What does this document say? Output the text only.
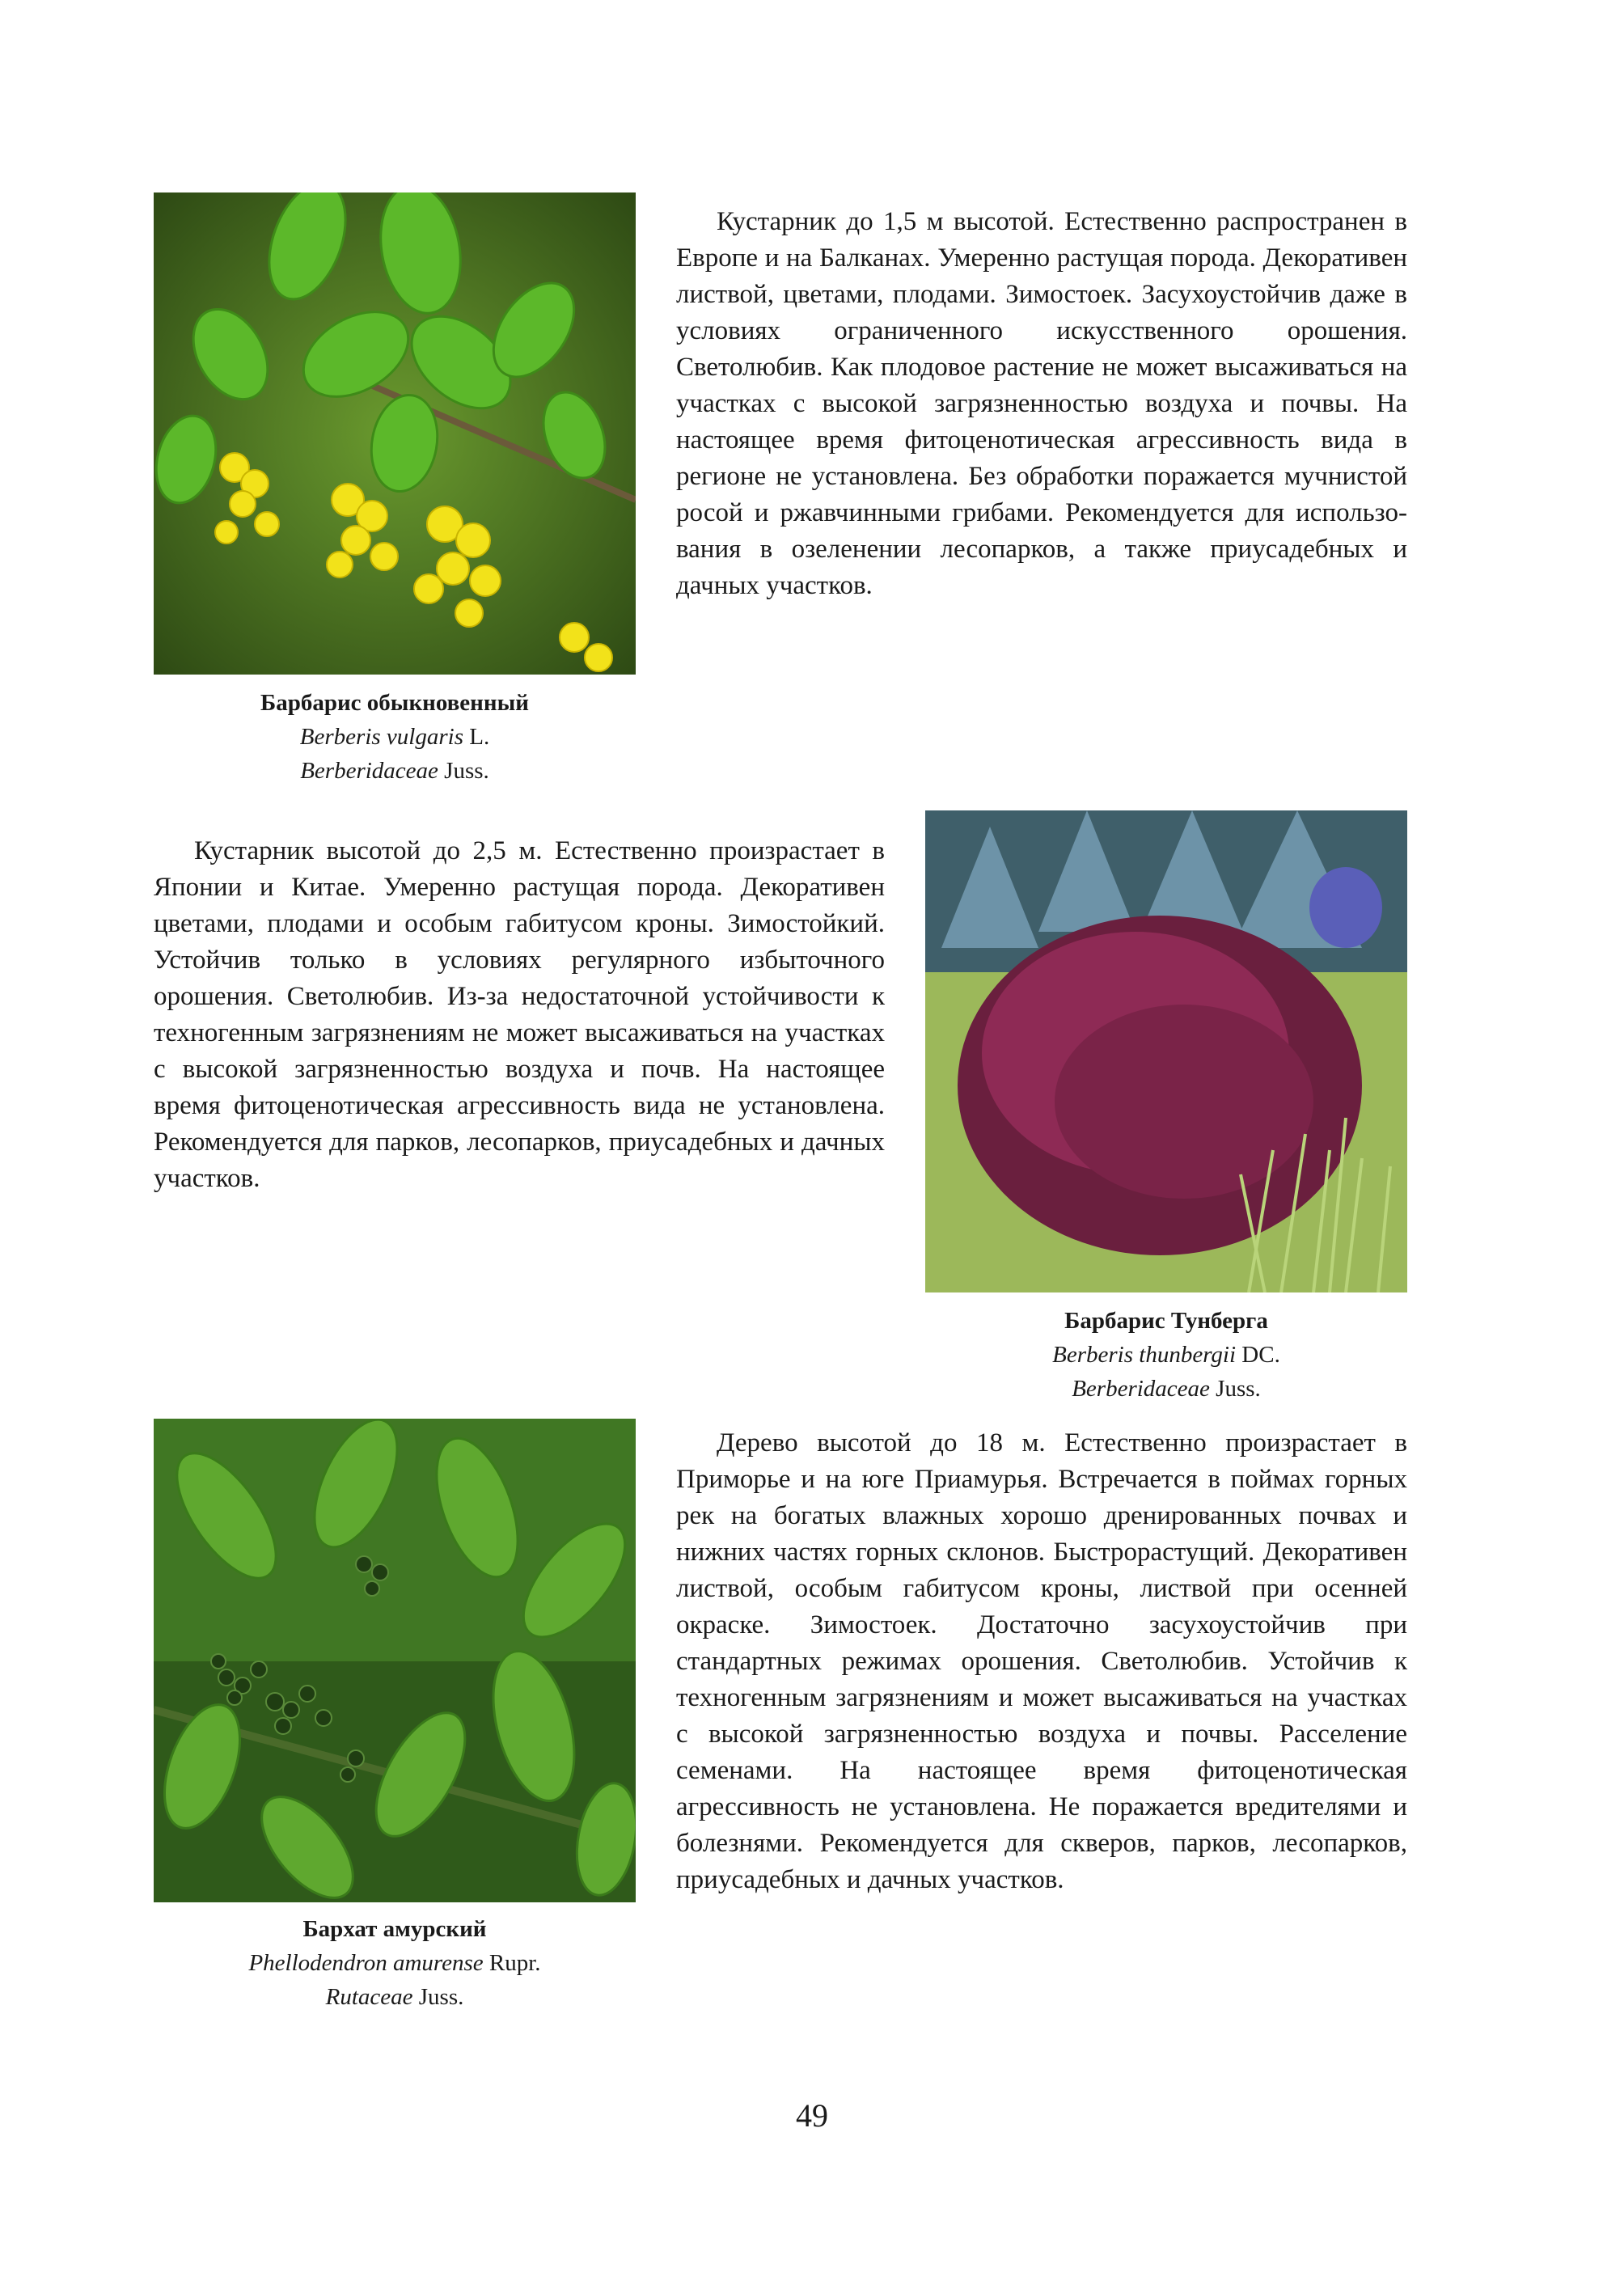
Барбарис обыкновенный
Berberis vulgaris L.
Berberidaceae Juss.

Кустарник до 1,5 м высотой. Естественно распространен в Европе и на Балканах. Умеренно растущая порода. Декоративен листвой, цветами, плодами. Зимостоек. Засухоустойчив даже в условиях ограниченного искусственного орошения. Светолюбив. Как плодовое растение не может высаживаться на участках с высокой загрязненностью воздуха и почвы. На настоящее время фитоценотическая агрессивность вида в регионе не установлена. Без обработки поражается мучнистой росой и ржавчинными грибами. Рекомендуется для использования в озеленении лесопарков, а также приусадебных и дачных участков.

Кустарник высотой до 2,5 м. Естественно произрастает в Японии и Китае. Умеренно растущая порода. Декоративен цветами, плодами и особым габитусом кроны. Зимостойкий. Устойчив только в условиях регулярного избыточного орошения. Светолюбив. Из-за недостаточной устойчивости к техногенным загрязнениям не может высаживаться на участках с высокой загрязненностью воздуха и почв. На настоящее время фитоценотическая агрессивность вида не установлена. Рекомендуется для парков, лесопарков, приусадебных и дачных участков.

Барбарис Тунберга
Berberis thunbergii DC.
Berberidaceae Juss.
Бархат амурский
Phellodendron amurense Rupr.
Rutaceae Juss.

Дерево высотой до 18 м. Естественно произрастает в Приморье и на юге Приамурья. Встречается в поймах горных рек на богатых влажных хорошо дренированных почвах и нижних частях горных склонов. Быстрорастущий. Декоративен листвой, особым габитусом кроны, листвой при осенней окраске. Зимостоек. Достаточно засухоустойчив при стандартных режимах орошения. Светолюбив. Устойчив к техногенным загрязнениям и может высаживаться на участках с высокой загрязненностью воздуха и почвы. Расселение семенами. На настоящее время фитоценотическая агрессивность не установлена. Не поражается вредителями и болезнями. Рекомендуется для скверов, парков, лесопарков, приусадебных и дачных участков.

49
